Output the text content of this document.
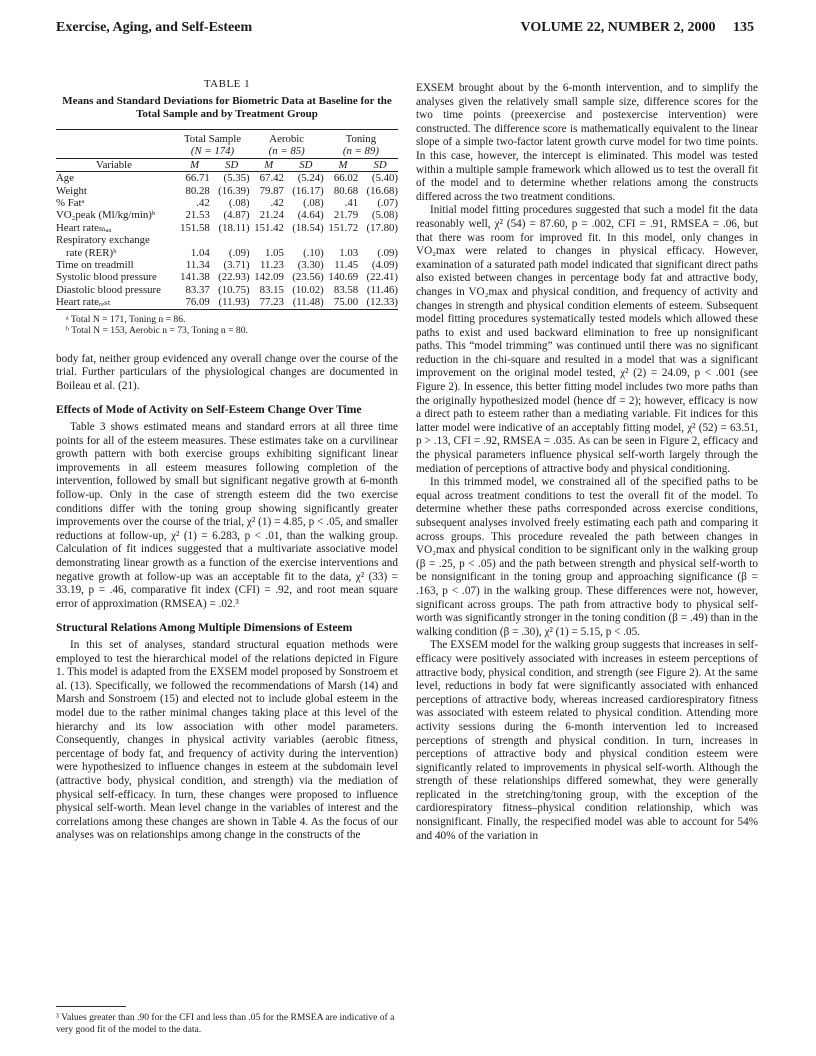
Exercise, Aging, and Self-Esteem	VOLUME 22, NUMBER 2, 2000     135
TABLE 1
Means and Standard Deviations for Biometric Data at Baseline for the Total Sample and by Treatment Group
	Total Sample		Aerobic		Toning	
	(N = 174)		(n = 85)		(n = 89)	
Variable	M	SD	M	SD	M	SD
Age	66.71	(5.35)	67.42	(5.24)	66.02	(5.40)
Weight	80.28	(16.39)	79.87	(16.17)	80.68	(16.68)
% Fatᵃ	.42	(.08)	.42	(.08)	.41	(.07)
VO₂peak (Ml/kg/min)ᵇ	21.53	(4.87)	21.24	(4.64)	21.79	(5.08)
Heart rateₘₐₓ	151.58	(18.11)	151.42	(18.54)	151.72	(17.80)
Respiratory exchange						
rate (RER)ᵇ	1.04	(.09)	1.05	(.10)	1.03	(.09)
Time on treadmill	11.34	(3.71)	11.23	(3.30)	11.45	(4.09)
Systolic blood pressure	141.38	(22.93)	142.09	(23.56)	140.69	(22.41)
Diastolic blood pressure	83.37	(10.75)	83.15	(10.02)	83.58	(11.46)
Heart rateᵣₑₛₜ	76.09	(11.93)	77.23	(11.48)	75.00	(12.33)
ᵃ Total N = 171, Toning n = 86.
ᵇ Total N = 153, Aerobic n = 73, Toning n = 80.

body fat, neither group evidenced any overall change over the course of the trial. Further particulars of the physiological changes are documented in Boileau et al. (21).

Effects of Mode of Activity on Self-Esteem Change Over Time

Table 3 shows estimated means and standard errors at all three time points for all of the esteem measures. These estimates take on a curvilinear growth pattern with both exercise groups exhibiting significant linear improvements in all esteem measures following completion of the intervention, followed by small but significant negative growth at 6-month follow-up. Only in the case of strength esteem did the two exercise conditions differ with the toning group showing significantly greater improvements over the course of the trial, χ² (1) = 4.85, p < .05, and smaller reductions at follow-up, χ² (1) = 6.283, p < .01, than the walking group. Calculation of fit indices suggested that a multivariate associative model demonstrating linear growth as a function of the exercise interventions and negative growth at follow-up was an acceptable fit to the data, χ² (33) = 33.19, p = .46, comparative fit index (CFI) = .92, and root mean square error of approximation (RMSEA) = .02.³

Structural Relations Among Multiple Dimensions of Esteem

In this set of analyses, standard structural equation methods were employed to test the hierarchical model of the relations depicted in Figure 1. This model is adapted from the EXSEM model proposed by Sonstroem et al. (13). Specifically, we followed the recommendations of Marsh (14) and Marsh and Sonstroem (15) and elected not to include global esteem in the model due to the rather minimal changes taking place at this level of the hierarchy and its low association with other model parameters. Consequently, changes in physical activity variables (aerobic fitness, percentage of body fat, and frequency of activity during the intervention) were hypothesized to influence changes in esteem at the subdomain level (attractive body, physical condition, and strength) via the mediation of physical self-efficacy. In turn, these changes were proposed to influence physical self-worth. Mean level change in the variables of interest and the correlations among these changes are shown in Table 4. As the focus of our analyses was on relationships among change in the constructs of the

³ Values greater than .90 for the CFI and less than .05 for the RMSEA are indicative of a very good fit of the model to the data.

EXSEM brought about by the 6-month intervention, and to simplify the analyses given the relatively small sample size, difference scores for the two time points (preexercise and postexercise intervention) were constructed. The difference score is mathematically equivalent to the linear slope of a simple two-factor latent growth curve model for two time points. In this case, however, the intercept is eliminated. This model was tested within a multiple sample framework which allowed us to test the overall fit of the model and to determine whether relations among the constructs differed across the two treatment conditions.

Initial model fitting procedures suggested that such a model fit the data reasonably well, χ² (54) = 87.60, p = .002, CFI = .91, RMSEA = .06, but that there was room for improved fit. In this model, only changes in VO₂max were related to changes in physical efficacy. However, examination of a saturated path model indicated that significant direct paths also existed between changes in percentage body fat and attractive body, changes in VO₂max and physical condition, and frequency of activity and changes in strength and physical condition elements of esteem. Subsequent model fitting procedures systematically tested models which allowed these paths to exist and used backward elimination to free up nonsignificant paths. This “model trimming” was continued until there was no significant reduction in the chi-square and resulted in a model that was a significant improvement on the original model tested, χ² (2) = 24.09, p < .001 (see Figure 2). In essence, this better fitting model includes two more paths than the originally hypothesized model (hence df = 2); however, efficacy is now a direct path to esteem rather than a mediating variable. Fit indices for this latter model were indicative of an acceptably fitting model, χ² (52) = 63.51, p > .13, CFI = .92, RMSEA = .035. As can be seen in Figure 2, efficacy and the physical parameters influence physical self-worth largely through the mediation of perceptions of attractive body and physical conditioning.

In this trimmed model, we constrained all of the specified paths to be equal across treatment conditions to test the overall fit of the model. To determine whether these paths corresponded across exercise conditions, subsequent analyses involved freely estimating each path and comparing it across groups. This procedure revealed the path between changes in VO₂max and physical condition to be significant only in the walking group (β = .25, p < .05) and the path between strength and physical self-worth to be nonsignificant in the toning group and approaching significance (β = .163, p < .07) in the walking group. These differences were not, however, significant across groups. The path from attractive body to physical self-worth was significantly stronger in the toning condition (β = .49) than in the walking condition (β = .30), χ² (1) = 5.15, p < .05.

The EXSEM model for the walking group suggests that increases in self-efficacy were positively associated with increases in esteem perceptions of attractive body, physical condition, and strength (see Figure 2). At the same level, reductions in body fat were significantly associated with enhanced perceptions of attractive body, whereas increased cardiorespiratory fitness was associated with esteem related to physical condition. Attending more activity sessions during the 6-month intervention led to increased perceptions of strength and physical condition. In turn, increases in perceptions of attractive body and physical condition esteem were significantly related to improvements in physical self-worth. Although the strength of these relationships differed somewhat, they were generally replicated in the stretching/toning group, with the exception of the cardiorespiratory fitness–physical condition relationship, which was nonsignificant. Finally, the respecified model was able to account for 54% and 40% of the variation in
